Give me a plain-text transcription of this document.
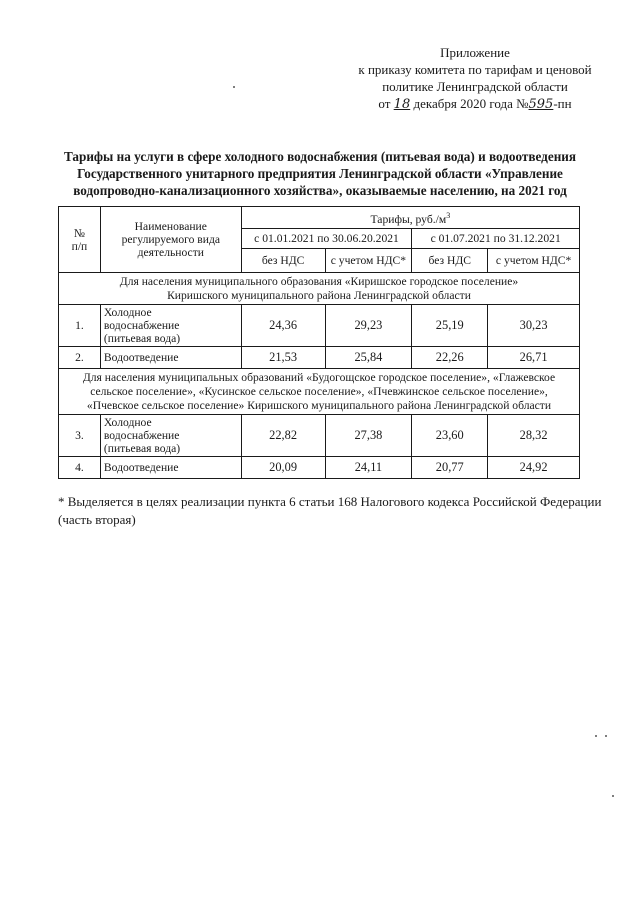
Приложение
к приказу комитета по тарифам и ценовой
политике Ленинградской области
от 18 декабря 2020 года №595-пн
Тарифы на услуги в сфере холодного водоснабжения (питьевая вода) и водоотведения
Государственного унитарного предприятия Ленинградской области «Управление
водопроводно-канализационного хозяйства», оказываемые населению, на 2021 год
№
п/п	Наименование
регулируемого вида
деятельности	Тарифы, $руб./м^3$
		с 01.01.2021 по 30.06.20.2021		с 01.07.2021 по 31.12.2021	
		без НДС	с учетом НДС*	без НДС	с учетом НДС*
Для населения муниципального образования «Киришское городское поселение»
Киришского муниципального района Ленинградской области					
1.	Холодное
водоснабжение
(питьевая вода)	24,36	29,23	25,19	30,23
2.	Водоотведение	21,53	25,84	22,26	26,71
Для населения муниципальных образований «Будогощское городское поселение», «Глажевское
сельское поселение», «Кусинское сельское поселение», «Пчевжинское сельское поселение»,
«Пчевское сельское поселение» Киришского муниципального района Ленинградской области					
3.	Холодное
водоснабжение
(питьевая вода)	22,82	27,38	23,60	28,32
4.	Водоотведение	20,09	24,11	20,77	24,92
* Выделяется в целях реализации пункта 6 статьи 168 Налогового кодекса Российской Федерации
(часть вторая)
